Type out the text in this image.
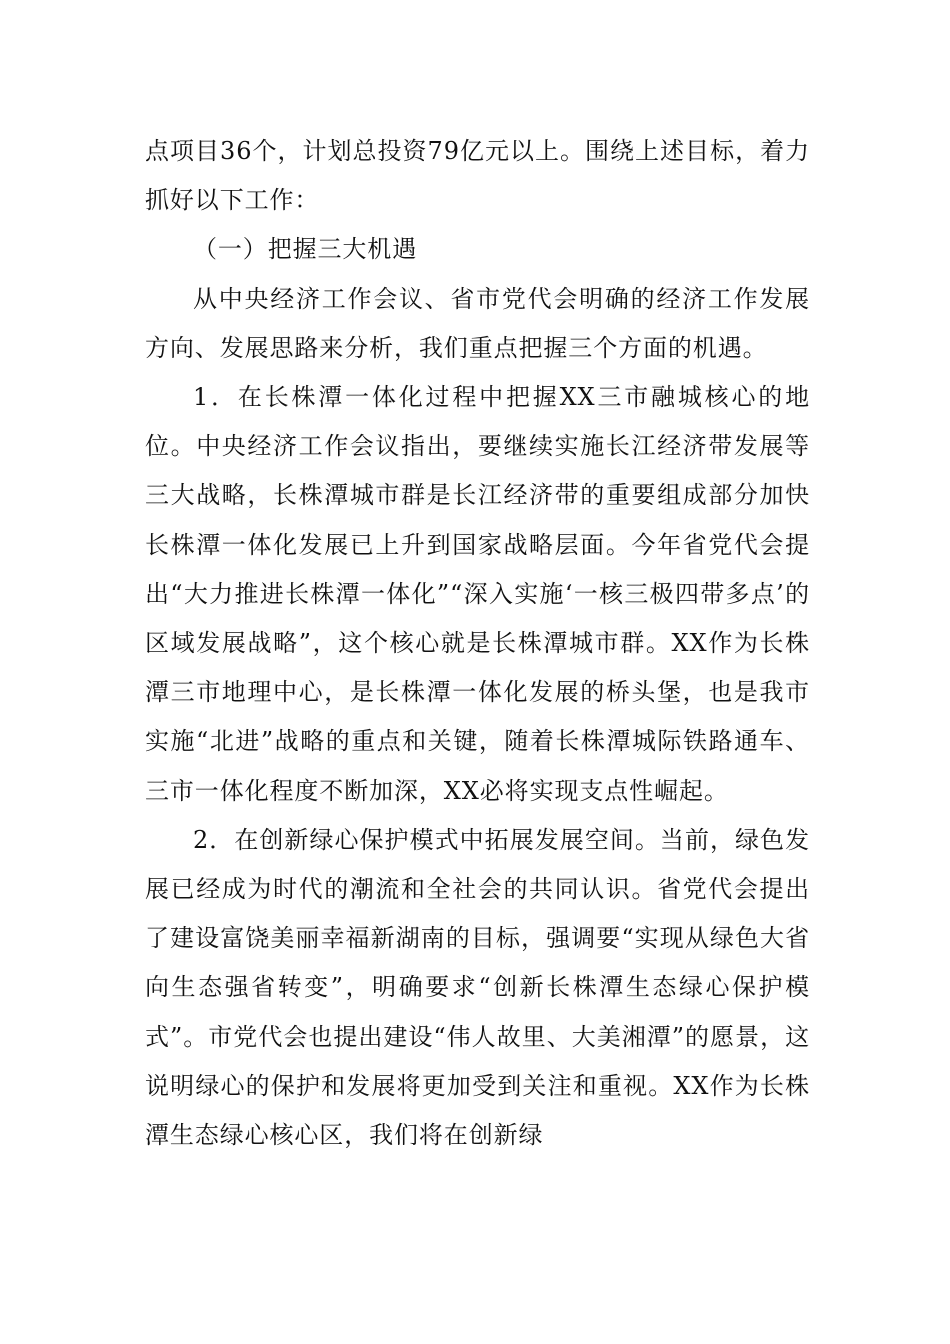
点项目36个，计划总投资79亿元以上。围绕上述目标，着力抓好以下工作：

（一）把握三大机遇

从中央经济工作会议、省市党代会明确的经济工作发展方向、发展思路来分析，我们重点把握三个方面的机遇。

1．在长株潭一体化过程中把握XX三市融城核心的地位。中央经济工作会议指出，要继续实施长江经济带发展等三大战略，长株潭城市群是长江经济带的重要组成部分加快长株潭一体化发展已上升到国家战略层面。今年省党代会提出“大力推进长株潭一体化”“深入实施‘一核三极四带多点’的区域发展战略”，这个核心就是长株潭城市群。XX作为长株潭三市地理中心，是长株潭一体化发展的桥头堡，也是我市实施“北进”战略的重点和关键，随着长株潭城际铁路通车、三市一体化程度不断加深，XX必将实现支点性崛起。

2．在创新绿心保护模式中拓展发展空间。当前，绿色发展已经成为时代的潮流和全社会的共同认识。省党代会提出了建设富饶美丽幸福新湖南的目标，强调要“实现从绿色大省向生态强省转变”，明确要求“创新长株潭生态绿心保护模式”。市党代会也提出建设“伟人故里、大美湘潭”的愿景，这说明绿心的保护和发展将更加受到关注和重视。XX作为长株潭生态绿心核心区，我们将在创新绿
